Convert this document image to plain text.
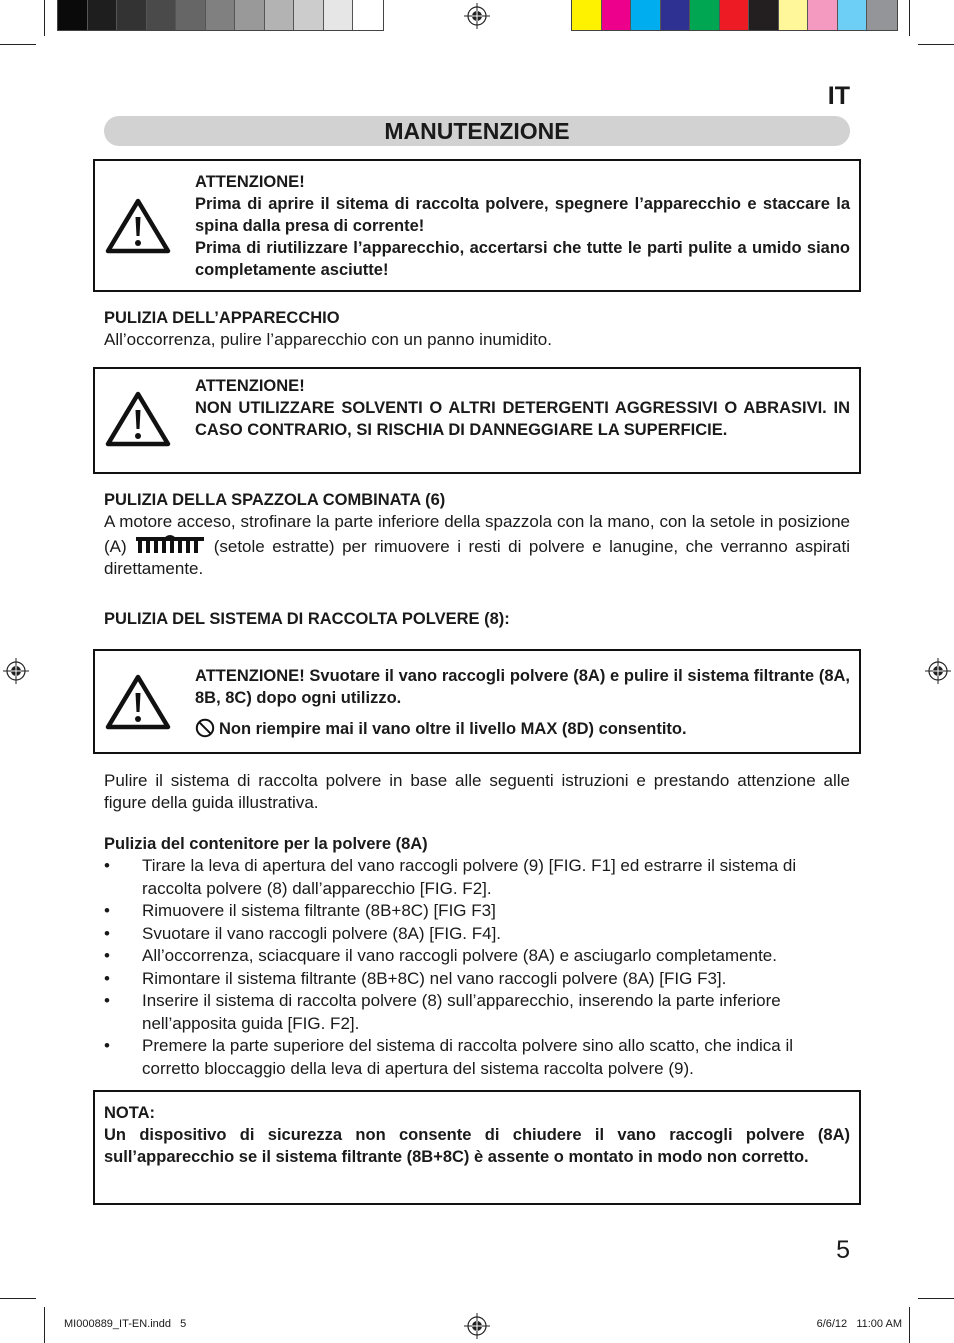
IT
MANUTENZIONE
ATTENZIONE!
Prima di aprire il sitema di raccolta polvere, spegnere l’apparecchio e staccare la spina dalla presa di corrente!
Prima di riutilizzare l’apparecchio, accertarsi che tutte le parti pulite a umido siano completamente asciutte!
PULIZIA DELL’APPARECCHIO

All’occorrenza, pulire l’apparecchio con un panno inumidito.

ATTENZIONE!
NON UTILIZZARE SOLVENTI O ALTRI DETERGENTI AGGRESSIVI O ABRASIVI. IN CASO CONTRARIO, SI RISCHIA DI DANNEGGIARE LA SUPERFICIE.
PULIZIA DELLA SPAZZOLA COMBINATA (6)

A motore acceso, strofinare la parte inferiore della spazzola con la mano, con la setole in posizione (A)	(setole estratte) per rimuovere i resti di polvere e lanugine, che verranno aspirati direttamente.

PULIZIA DEL SISTEMA DI RACCOLTA POLVERE (8):
ATTENZIONE! Svuotare il vano raccogli polvere (8A) e pulire il sistema filtrante (8A, 8B, 8C) dopo ogni utilizzo.
Non riempire mai il vano oltre il livello MAX (8D) consentito.

Pulire il sistema di raccolta polvere in base alle seguenti istruzioni e prestando attenzione alle figure della guida illustrativa.

Pulizia del contenitore per la polvere (8A)
• Tirare la leva di apertura del vano raccogli polvere (9) [FIG. F1] ed estrarre il sistema di raccolta polvere (8) dall’apparecchio [FIG. F2].
• Rimuovere il sistema filtrante (8B+8C) [FIG F3]
• Svuotare il vano raccogli polvere (8A) [FIG. F4].
• All’occorrenza, sciacquare il vano raccogli polvere (8A) e asciugarlo completamente.
• Rimontare il sistema filtrante (8B+8C) nel vano raccogli polvere (8A) [FIG F3].
• Inserire il sistema di raccolta polvere (8) sull’apparecchio, inserendo la parte inferiore nell’apposita guida [FIG. F2].
• Premere la parte superiore del sistema di raccolta polvere sino allo scatto, che indica il corretto bloccaggio della leva di apertura del sistema raccolta polvere (9).
NOTA:
Un dispositivo di sicurezza non consente di chiudere il vano raccogli polvere (8A) sull’apparecchio se il sistema filtrante (8B+8C) è assente o montato in modo non corretto.
5
MI000889_IT-EN.indd   5	6/6/12   11:00 AM
